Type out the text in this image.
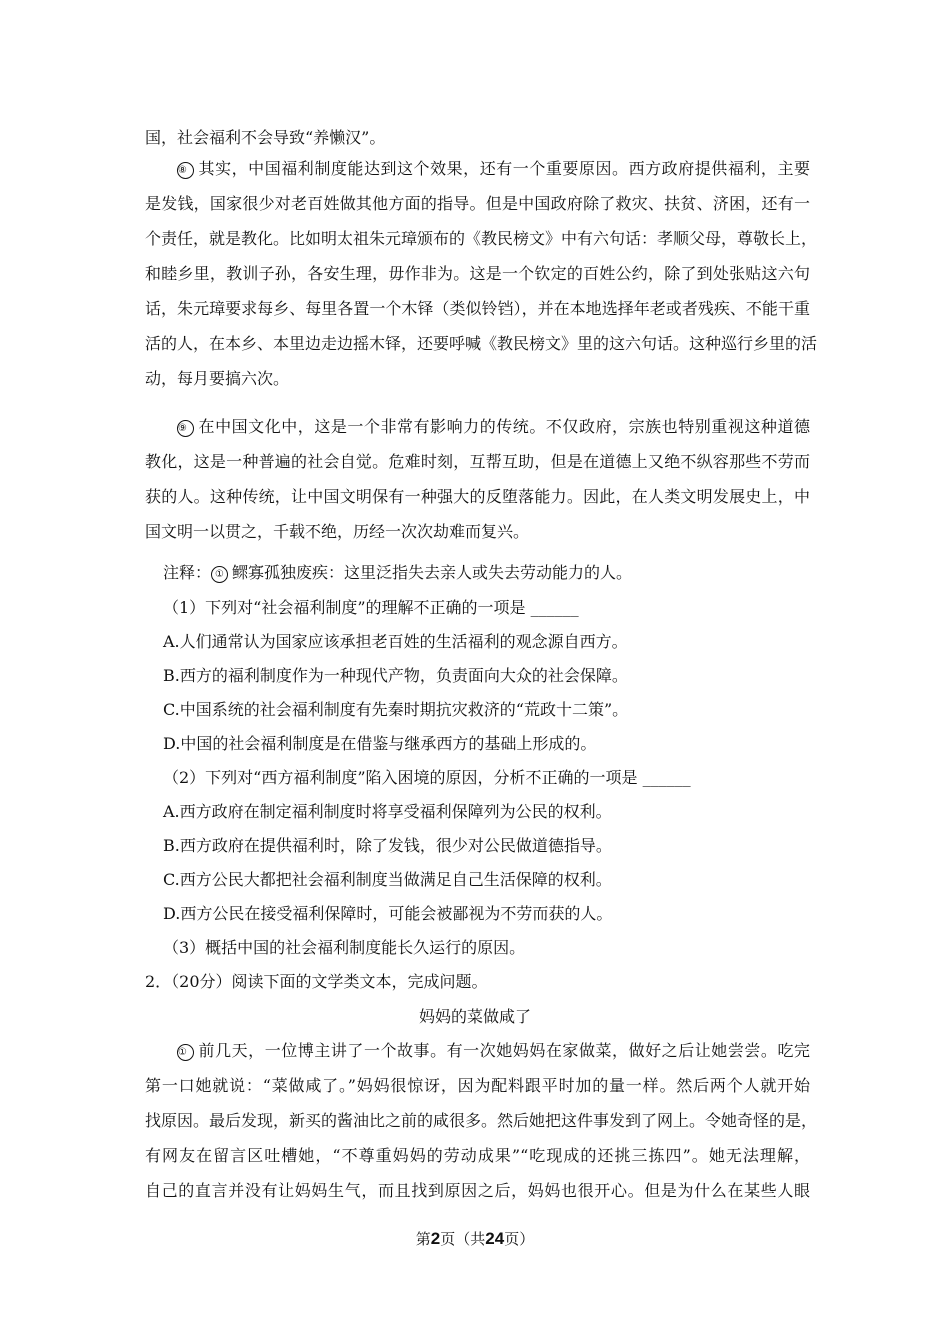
国，社会福利不会导致“养懒汉”。
⑧ 其实，中国福利制度能达到这个效果，还有一个重要原因。西方政府提供福利，主要
是发钱，国家很少对老百姓做其他方面的指导。但是中国政府除了救灾、扶贫、济困，还有一
个责任，就是教化。比如明太祖朱元璋颁布的《教民榜文》中有六句话：孝顺父母，尊敬长上，
和睦乡里，教训子孙，各安生理，毋作非为。这是一个钦定的百姓公约，除了到处张贴这六句
话，朱元璋要求每乡、每里各置一个木铎（类似铃铛），并在本地选择年老或者残疾、不能干重
活的人，在本乡、本里边走边摇木铎，还要呼喊《教民榜文》里的这六句话。这种巡行乡里的活
动，每月要搞六次。
⑨ 在中国文化中，这是一个非常有影响力的传统。不仅政府，宗族也特别重视这种道德
教化，这是一种普遍的社会自觉。危难时刻，互帮互助，但是在道德上又绝不纵容那些不劳而
获的人。这种传统，让中国文明保有一种强大的反堕落能力。因此，在人类文明发展史上，中
国文明一以贯之，千载不绝，历经一次次劫难而复兴。
注释： ① 鳏寡孤独废疾：这里泛指失去亲人或失去劳动能力的人。
（1）下列对“社会福利制度”的理解不正确的一项是 ______
A.人们通常认为国家应该承担老百姓的生活福利的观念源自西方。
B.西方的福利制度作为一种现代产物，负责面向大众的社会保障。
C.中国系统的社会福利制度有先秦时期抗灾救济的“荒政十二策”。
D.中国的社会福利制度是在借鉴与继承西方的基础上形成的。
（2）下列对“西方福利制度”陷入困境的原因，分析不正确的一项是 ______
A.西方政府在制定福利制度时将享受福利保障列为公民的权利。
B.西方政府在提供福利时，除了发钱，很少对公民做道德指导。
C.西方公民大都把社会福利制度当做满足自己生活保障的权利。
D.西方公民在接受福利保障时，可能会被鄙视为不劳而获的人。
（3）概括中国的社会福利制度能长久运行的原因。
2．（20分）阅读下面的文学类文本，完成问题。
妈妈的菜做咸了
① 前几天，一位博主讲了一个故事。有一次她妈妈在家做菜，做好之后让她尝尝。吃完
第一口她就说：“菜做咸了。”妈妈很惊讶，因为配料跟平时加的量一样。然后两个人就开始
找原因。最后发现，新买的酱油比之前的咸很多。然后她把这件事发到了网上。令她奇怪的是，
有网友在留言区吐槽她，“不尊重妈妈的劳动成果”“吃现成的还挑三拣四”。她无法理解，
自己的直言并没有让妈妈生气，而且找到原因之后，妈妈也很开心。但是为什么在某些人眼
第2页（共24页）
